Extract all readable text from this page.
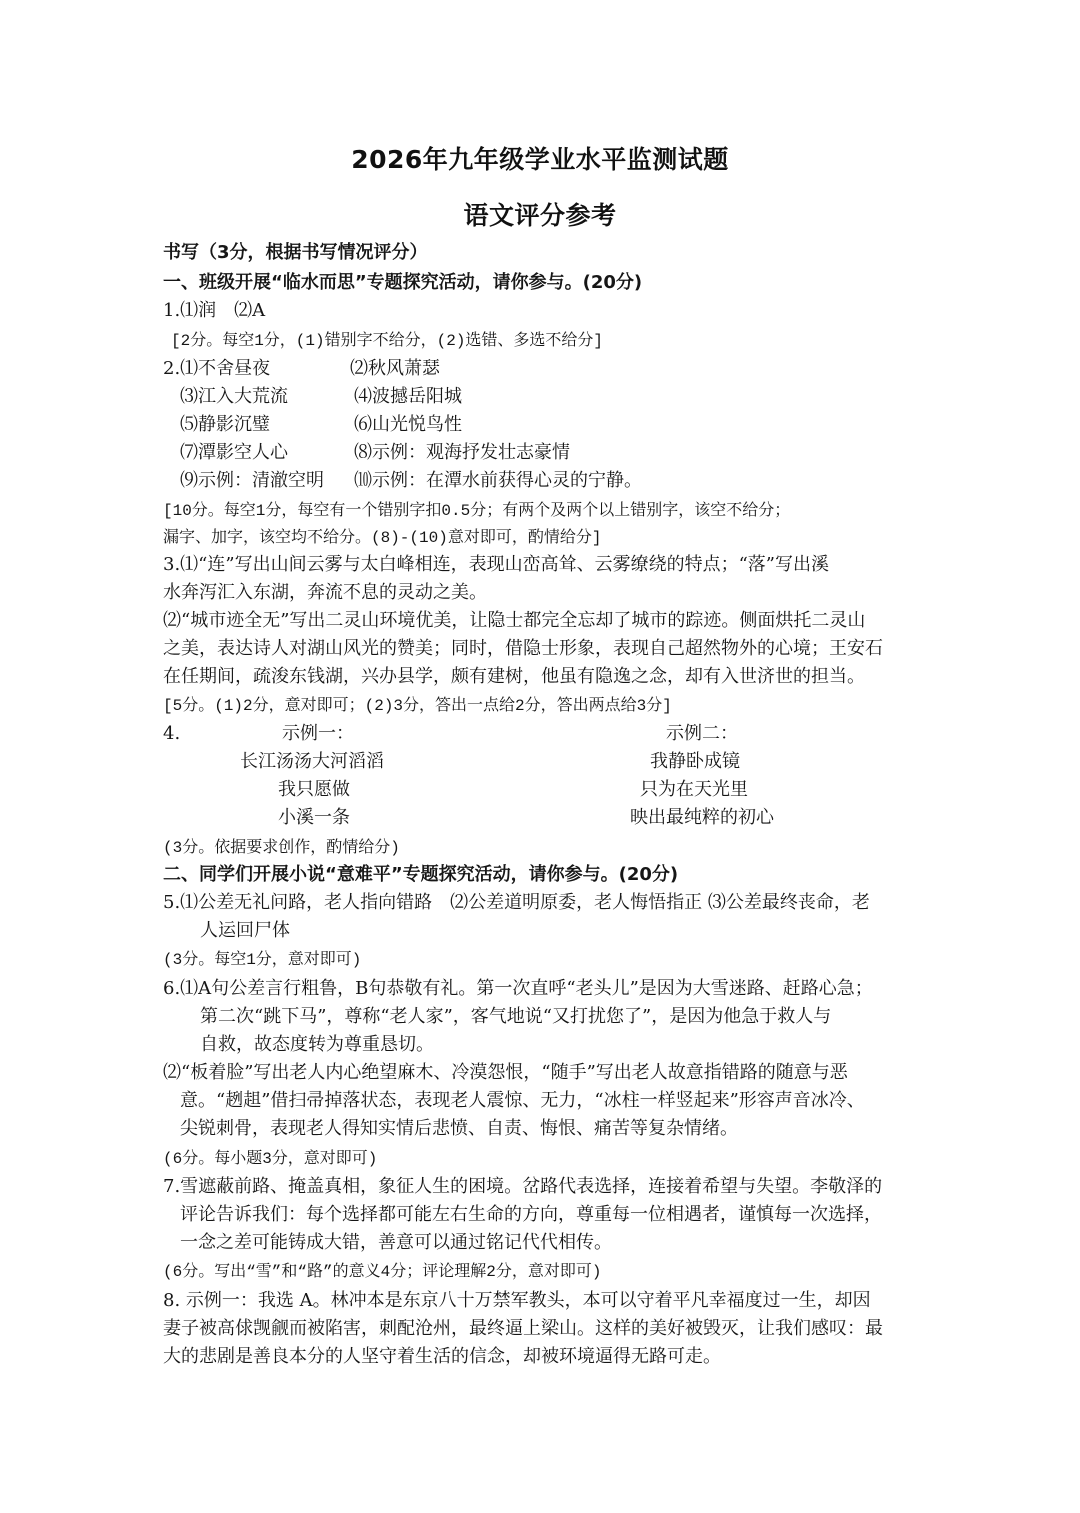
2026年九年级学业水平监测试题
语文评分参考
书写（3分，根据书写情况评分）
一、班级开展“临水而思”专题探究活动，请你参与。(20分)
1.⑴润　⑵A
[2分。每空1分，(1)错别字不给分，(2)选错、多选不给分]
2.⑴不舍昼夜	⑵秋风萧瑟
⑶江入大荒流	⑷波撼岳阳城
⑸静影沉璧	⑹山光悦鸟性
⑺潭影空人心	⑻示例：观海抒发壮志豪情
⑼示例：清澈空明 ⑽示例：在潭水前获得心灵的宁静。
[10分。每空1分，每空有一个错别字扣0.5分；有两个及两个以上错别字，该空不给分；
漏字、加字，该空均不给分。(8)-(10)意对即可，酌情给分]
3.⑴“连”写出山间云雾与太白峰相连，表现山峦高耸、云雾缭绕的特点；“落”写出溪
水奔泻汇入东湖，奔流不息的灵动之美。
⑵“城市迹全无”写出二灵山环境优美，让隐士都完全忘却了城市的踪迹。侧面烘托二灵山
之美，表达诗人对湖山风光的赞美；同时，借隐士形象，表现自己超然物外的心境；王安石
在任期间，疏浚东钱湖，兴办县学，颇有建树，他虽有隐逸之念，却有入世济世的担当。
[5分。(1)2分，意对即可；(2)3分，答出一点给2分，答出两点给3分]
4.	示例一：	示例二：
长江汤汤大河滔滔	我静卧成镜
我只愿做	只为在天光里
小溪一条	映出最纯粹的初心
(3分。依据要求创作，酌情给分)
二、同学们开展小说“意难平”专题探究活动，请你参与。(20分)
5.⑴公差无礼问路，老人指向错路　⑵公差道明原委，老人悔悟指正 ⑶公差最终丧命，老
人运回尸体
(3分。每空1分，意对即可)
6.⑴A句公差言行粗鲁，B句恭敬有礼。第一次直呼“老头儿”是因为大雪迷路、赶路心急；
第二次“跳下马”，尊称“老人家”，客气地说“又打扰您了”，是因为他急于救人与
自救，故态度转为尊重恳切。
⑵“板着脸”写出老人内心绝望麻木、冷漠怨恨，“随手”写出老人故意指错路的随意与恶
意。“趔趄”借扫帚掉落状态，表现老人震惊、无力，“冰柱一样竖起来”形容声音冰冷、
尖锐刺骨，表现老人得知实情后悲愤、自责、悔恨、痛苦等复杂情绪。
(6分。每小题3分，意对即可)
7.雪遮蔽前路、掩盖真相，象征人生的困境。岔路代表选择，连接着希望与失望。李敬泽的
评论告诉我们：每个选择都可能左右生命的方向，尊重每一位相遇者，谨慎每一次选择，
一念之差可能铸成大错，善意可以通过铭记代代相传。
(6分。写出“雪”和“路”的意义4分；评论理解2分，意对即可)
8. 示例一：我选 A。林冲本是东京八十万禁军教头，本可以守着平凡幸福度过一生，却因
妻子被高俅觊觎而被陷害，刺配沧州，最终逼上梁山。这样的美好被毁灭，让我们感叹：最
大的悲剧是善良本分的人坚守着生活的信念，却被环境逼得无路可走。
